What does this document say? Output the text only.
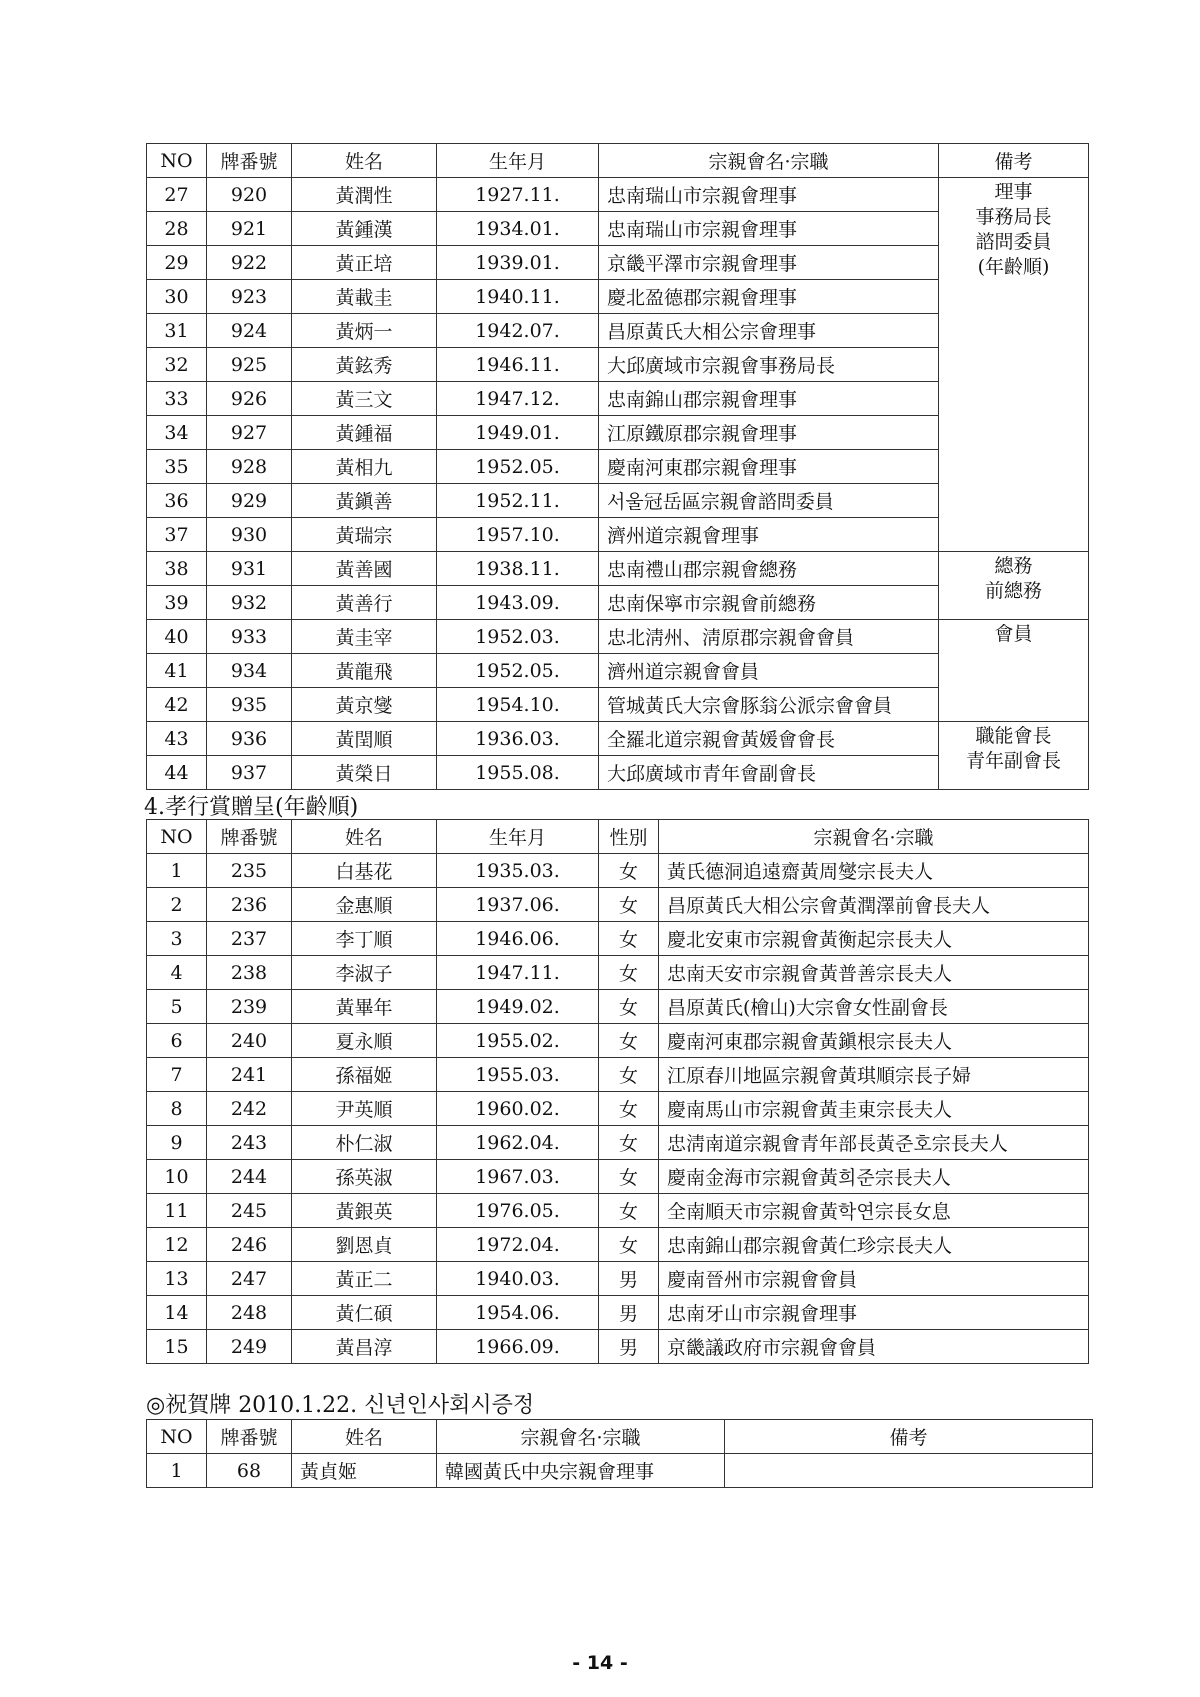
NO	牌番號	姓名	生年月	宗親會名·宗職	備考
27	920	黃潤性	1927.11.	忠南瑞山市宗親會理事	理事
事務局長
諮問委員
(年齡順)

28	921	黃鍾漢	1934.01.	忠南瑞山市宗親會理事	
29	922	黃正培	1939.01.	京畿平澤市宗親會理事	
30	923	黃載圭	1940.11.	慶北盈德郡宗親會理事	
31	924	黃炳一	1942.07.	昌原黃氏大相公宗會理事	
32	925	黃鉉秀	1946.11.	大邱廣域市宗親會事務局長	
33	926	黃三文	1947.12.	忠南錦山郡宗親會理事	
34	927	黃鍾福	1949.01.	江原鐵原郡宗親會理事	
35	928	黃相九	1952.05.	慶南河東郡宗親會理事	
36	929	黃鎭善	1952.11.	서울冠岳區宗親會諮問委員	
37	930	黃瑞宗	1957.10.	濟州道宗親會理事	
38	931	黃善國	1938.11.	忠南禮山郡宗親會總務	總務
前總務

39	932	黃善行	1943.09.	忠南保寧市宗親會前總務	
40	933	黃圭宰	1952.03.	忠北淸州、淸原郡宗親會會員	會員

41	934	黃龍飛	1952.05.	濟州道宗親會會員	
42	935	黃京燮	1954.10.	管城黃氏大宗會豚翁公派宗會會員	
43	936	黃閏順	1936.03.	全羅北道宗親會黃媛會會長	職能會長
青年副會長

44	937	黃榮日	1955.08.	大邱廣域市青年會副會長	
4.孝行賞贈呈(年齡順)
NO	牌番號	姓名	生年月	性別	宗親會名·宗職
1	235	白基花	1935.03.	女	黃氏德洞追遠齋黃周燮宗長夫人
2	236	金惠順	1937.06.	女	昌原黃氏大相公宗會黃潤澤前會長夫人
3	237	李丁順	1946.06.	女	慶北安東市宗親會黃衡起宗長夫人
4	238	李淑子	1947.11.	女	忠南天安市宗親會黃普善宗長夫人
5	239	黃畢年	1949.02.	女	昌原黃氏(檜山)大宗會女性副會長
6	240	夏永順	1955.02.	女	慶南河東郡宗親會黃鎭根宗長夫人
7	241	孫福姬	1955.03.	女	江原春川地區宗親會黃琪順宗長子婦
8	242	尹英順	1960.02.	女	慶南馬山市宗親會黃圭東宗長夫人
9	243	朴仁淑	1962.04.	女	忠淸南道宗親會青年部長黃준호宗長夫人
10	244	孫英淑	1967.03.	女	慶南金海市宗親會黃희준宗長夫人
11	245	黃銀英	1976.05.	女	全南順天市宗親會黃학연宗長女息
12	246	劉恩貞	1972.04.	女	忠南錦山郡宗親會黃仁珍宗長夫人
13	247	黃正二	1940.03.	男	慶南晉州市宗親會會員
14	248	黃仁碩	1954.06.	男	忠南牙山市宗親會理事
15	249	黃昌淳	1966.09.	男	京畿議政府市宗親會會員
◎祝賀牌 2010.1.22. 신년인사회시증정
NO	牌番號	姓名	宗親會名·宗職	備考
1	68	黃貞姬	韓國黃氏中央宗親會理事	
- 14 -
